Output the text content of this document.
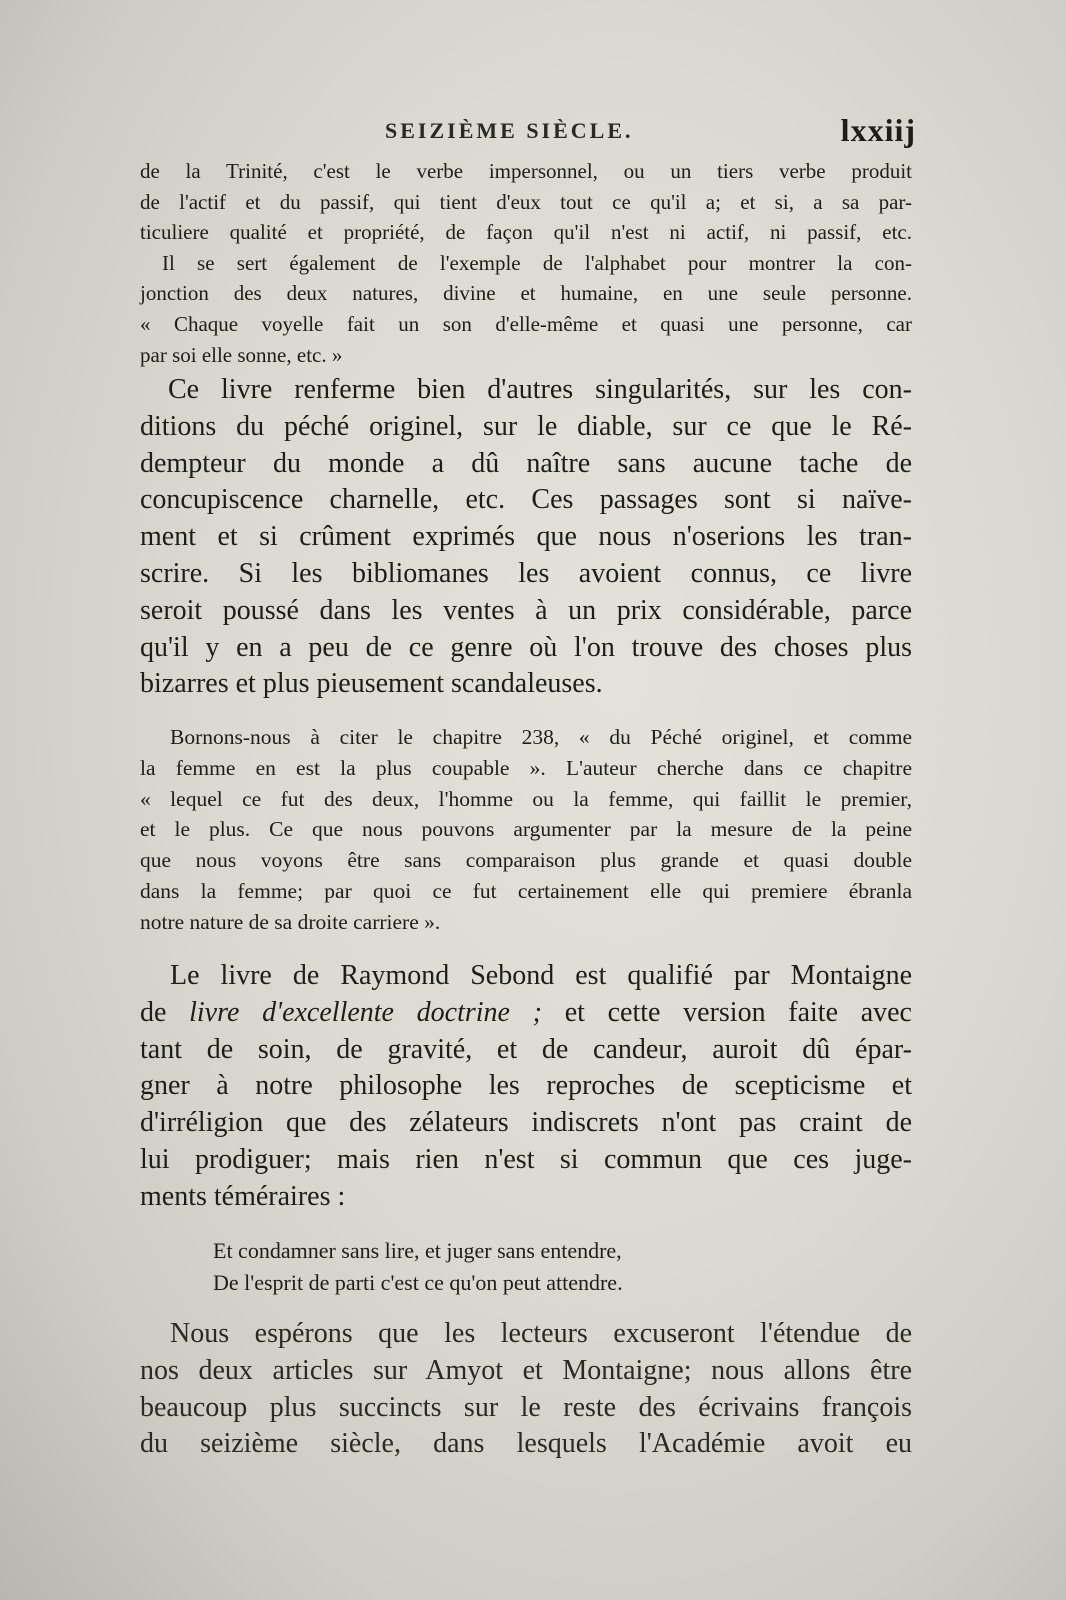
SEIZIÈME SIÈCLE.	lxxiij
de la Trinité, c'est le verbe impersonnel, ou un tiers verbe produit
de l'actif et du passif, qui tient d'eux tout ce qu'il a; et si, a sa par-
ticuliere qualité et propriété, de façon qu'il n'est ni actif, ni passif, etc.
Il se sert également de l'exemple de l'alphabet pour montrer la con-
jonction des deux natures, divine et humaine, en une seule personne.
« Chaque voyelle fait un son d'elle-même et quasi une personne, car
par soi elle sonne, etc. »
Ce livre renferme bien d'autres singularités, sur les con-
ditions du péché originel, sur le diable, sur ce que le Ré-
dempteur du monde a dû naître sans aucune tache de
concupiscence charnelle, etc. Ces passages sont si naïve-
ment et si crûment exprimés que nous n'oserions les tran-
scrire. Si les bibliomanes les avoient connus, ce livre
seroit poussé dans les ventes à un prix considérable, parce
qu'il y en a peu de ce genre où l'on trouve des choses plus
bizarres et plus pieusement scandaleuses.
Bornons-nous à citer le chapitre 238, « du Péché originel, et comme
la femme en est la plus coupable ». L'auteur cherche dans ce chapitre
« lequel ce fut des deux, l'homme ou la femme, qui faillit le premier,
et le plus. Ce que nous pouvons argumenter par la mesure de la peine
que nous voyons être sans comparaison plus grande et quasi double
dans la femme; par quoi ce fut certainement elle qui premiere ébranla
notre nature de sa droite carriere ».
Le livre de Raymond Sebond est qualifié par Montaigne
de livre d'excellente doctrine ; et cette version faite avec
tant de soin, de gravité, et de candeur, auroit dû épar-
gner à notre philosophe les reproches de scepticisme et
d'irréligion que des zélateurs indiscrets n'ont pas craint de
lui prodiguer; mais rien n'est si commun que ces juge-
ments téméraires :
Et condamner sans lire, et juger sans entendre,
De l'esprit de parti c'est ce qu'on peut attendre.
Nous espérons que les lecteurs excuseront l'étendue de
nos deux articles sur Amyot et Montaigne; nous allons être
beaucoup plus succincts sur le reste des écrivains françois
du seizième siècle, dans lesquels l'Académie avoit eu
